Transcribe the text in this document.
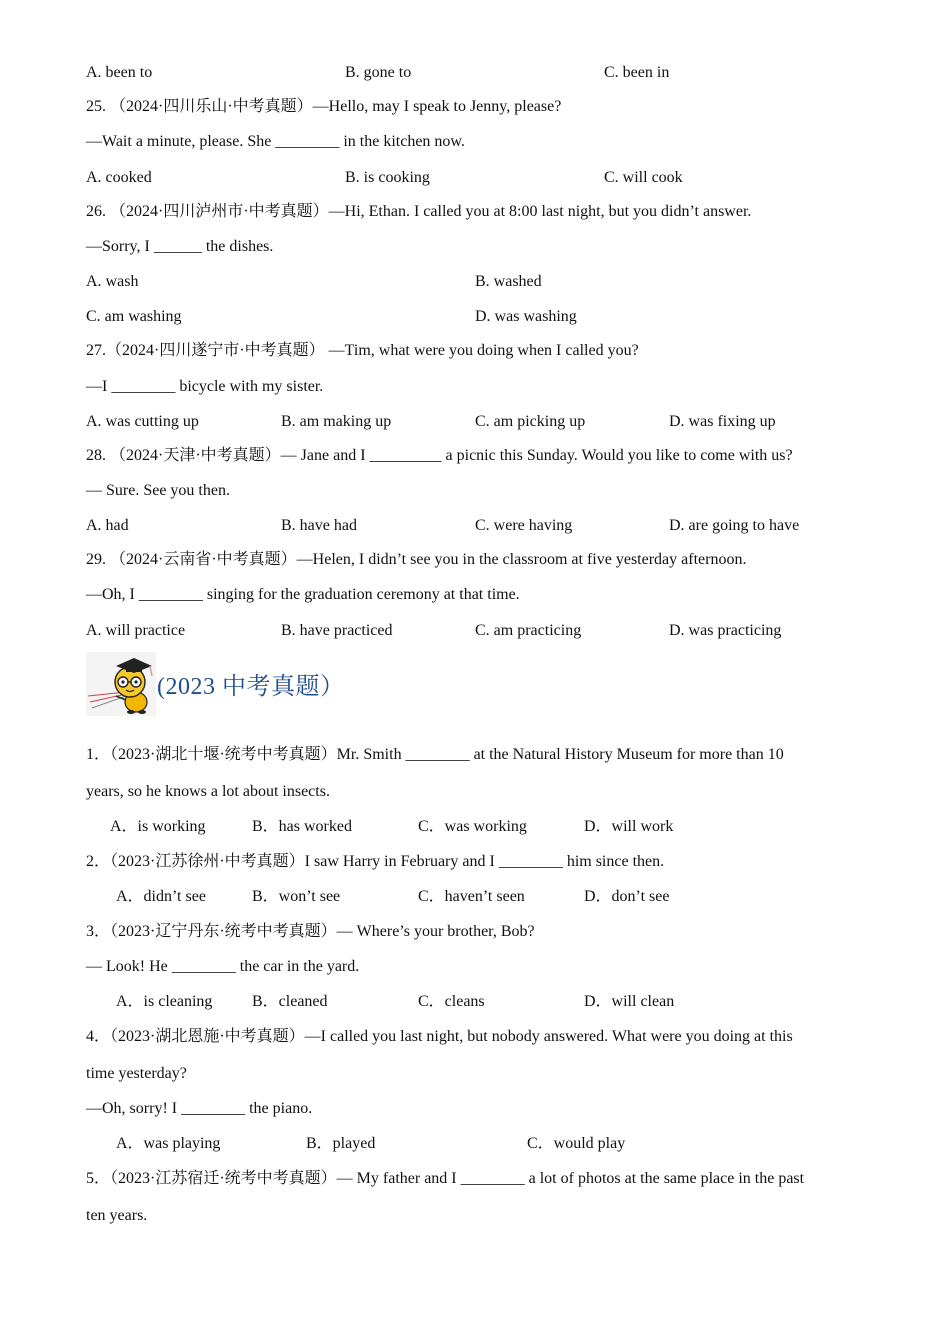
A. been to	B. gone to	C. been in
25. （2024·四川乐山·中考真题）—Hello, may I speak to Jenny, please?
—Wait a minute, please. She ________ in the kitchen now.
A. cooked	B. is cooking	C. will cook
26. （2024·四川泸州市·中考真题）—Hi, Ethan. I called you at 8:00 last night, but you didn’t answer.
—Sorry, I ______ the dishes.
A. wash	B. washed
C. am washing	D. was washing
27.（2024·四川遂宁市·中考真题） —Tim, what were you doing when I called you?
—I ________ bicycle with my sister.
A. was cutting up	B. am making up	C. am picking up	D. was fixing up
28. （2024·天津·中考真题）— Jane and I _________ a picnic this Sunday. Would you like to come with us?
— Sure. See you then.
A. had	B. have had	C. were having	D. are going to have
29. （2024·云南省·中考真题）—Helen, I didn’t see you in the classroom at five yesterday afternoon.
—Oh, I ________ singing for the graduation ceremony at that time.
A. will practice	B. have practiced	C. am practicing	D. was practicing
(2023 中考真题）
1．（2023·湖北十堰·统考中考真题）Mr. Smith ________ at the Natural History Museum for more than 10
years, so he knows a lot about insects.
A．is working	B．has worked	C．was working	D．will work
2．（2023·江苏徐州·中考真题）I saw Harry in February and I ________ him since then.
A．didn’t see	B．won’t see	C．haven’t seen	D．don’t see
3．（2023·辽宁丹东·统考中考真题）— Where’s your brother, Bob?
— Look! He ________ the car in the yard.
A．is cleaning B．cleaned	C．cleans	D．will clean
4．（2023·湖北恩施·中考真题）—I called you last night, but nobody answered. What were you doing at this
time yesterday?
—Oh, sorry! I ________ the piano.
A．was playing	B．played	C．would play
5．（2023·江苏宿迁·统考中考真题）— My father and I ________ a lot of photos at the same place in the past
ten years.
